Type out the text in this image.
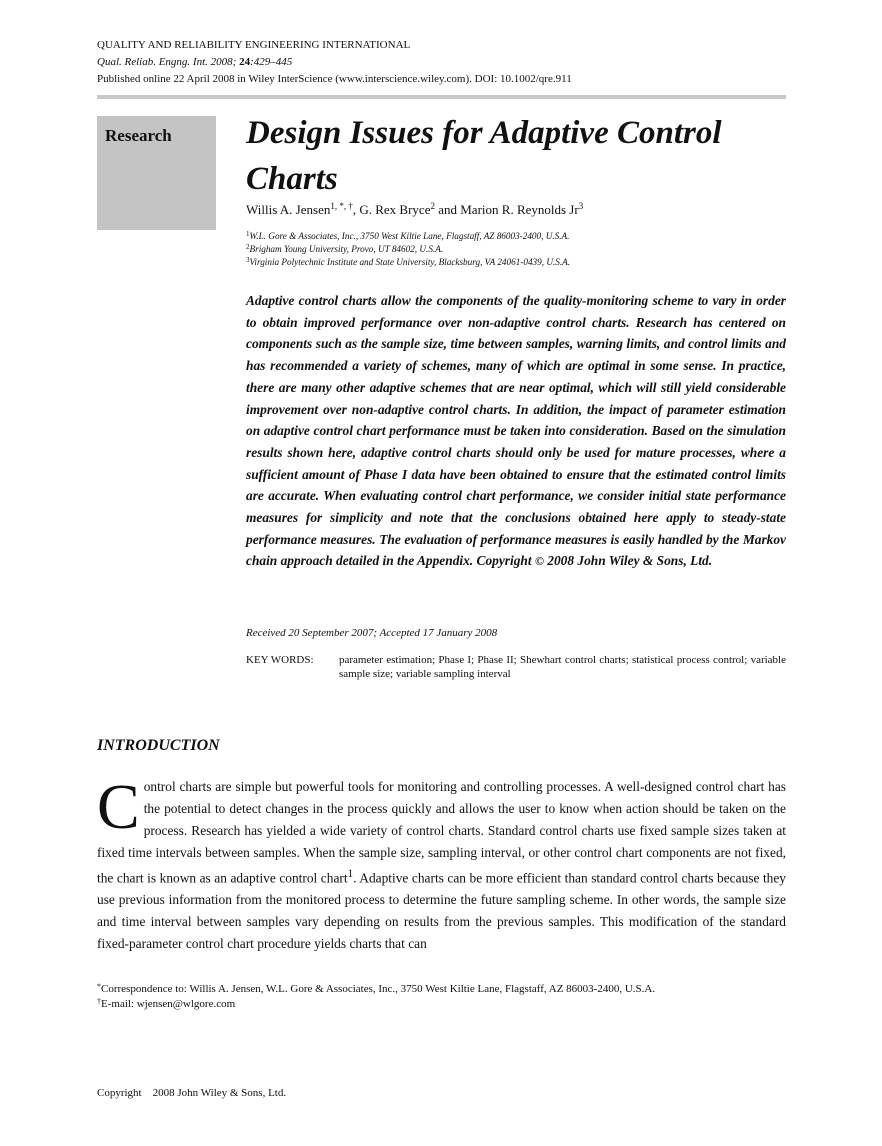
QUALITY AND RELIABILITY ENGINEERING INTERNATIONAL
Qual. Reliab. Engng. Int. 2008; 24:429–445
Published online 22 April 2008 in Wiley InterScience (www.interscience.wiley.com). DOI: 10.1002/qre.911
Research Design Issues for Adaptive Control Charts
Willis A. Jensen$^{1, *, \dagger}$, G. Rex Bryce$^2$ and Marion R. Reynolds Jr$^3$
$^1$W.L. Gore & Associates, Inc., 3750 West Kiltie Lane, Flagstaff, AZ 86003-2400, U.S.A.
$^2$Brigham Young University, Provo, UT 84602, U.S.A.
$^3$Virginia Polytechnic Institute and State University, Blacksburg, VA 24061-0439, U.S.A.
Adaptive control charts allow the components of the quality-monitoring scheme to vary in order to obtain improved performance over non-adaptive control charts. Research has centered on components such as the sample size, time between samples, warning limits, and control limits and has recommended a variety of schemes, many of which are optimal in some sense. In practice, there are many other adaptive schemes that are near optimal, which will still yield considerable improvement over non-adaptive control charts. In addition, the impact of parameter estimation on adaptive control chart performance must be taken into consideration. Based on the simulation results shown here, adaptive control charts should only be used for mature processes, where a sufficient amount of Phase I data have been obtained to ensure that the estimated control limits are accurate. When evaluating control chart performance, we consider initial state performance measures for simplicity and note that the conclusions obtained here apply to steady-state performance measures. The evaluation of performance measures is easily handled by the Markov chain approach detailed in the Appendix. Copyright © 2008 John Wiley & Sons, Ltd.
Received 20 September 2007; Accepted 17 January 2008
KEY WORDS: parameter estimation; Phase I; Phase II; Shewhart control charts; statistical process control; variable sample size; variable sampling interval
INTRODUCTION
Control charts are simple but powerful tools for monitoring and controlling processes. A well-designed control chart has the potential to detect changes in the process quickly and allows the user to know when action should be taken on the process. Research has yielded a wide variety of control charts. Standard control charts use fixed sample sizes taken at fixed time intervals between samples. When the sample size, sampling interval, or other control chart components are not fixed, the chart is known as an adaptive control chart$^1$. Adaptive charts can be more efficient than standard control charts because they use previous information from the monitored process to determine the future sampling scheme. In other words, the sample size and time interval between samples vary depending on results from the previous samples. This modification of the standard fixed-parameter control chart procedure yields charts that can
*Correspondence to: Willis A. Jensen, W.L. Gore & Associates, Inc., 3750 West Kiltie Lane, Flagstaff, AZ 86003-2400, U.S.A.
†E-mail: wjensen@wlgore.com
Copyright    2008 John Wiley & Sons, Ltd.
